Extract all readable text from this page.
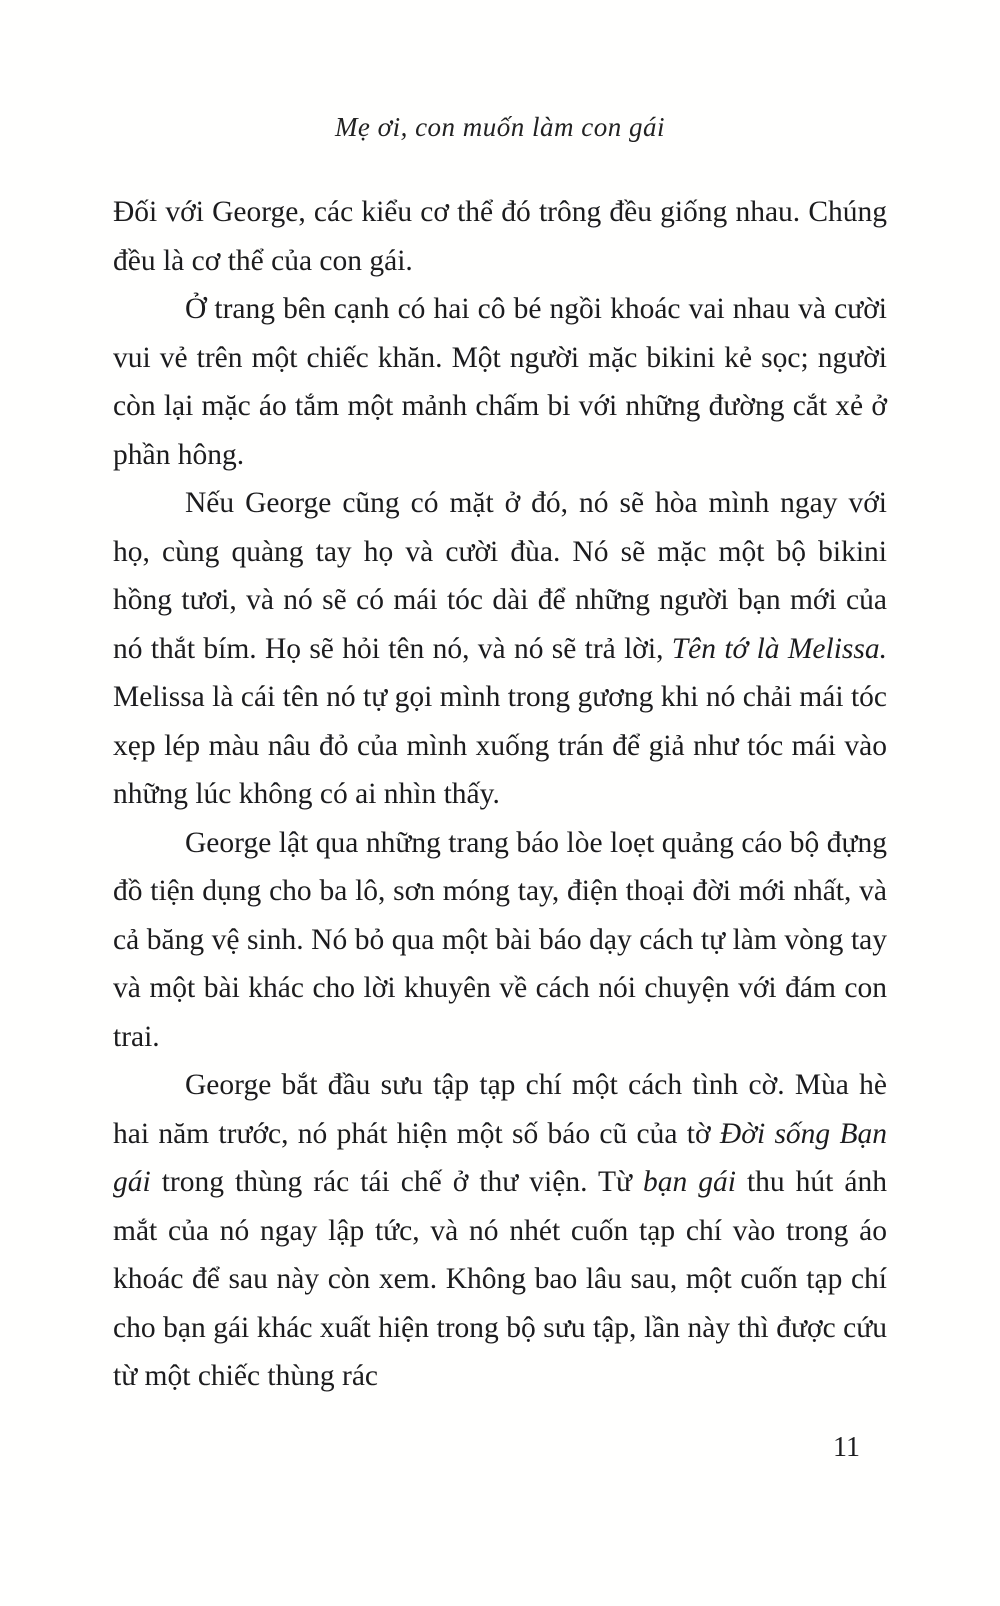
Mẹ ơi, con muốn làm con gái

Đối với George, các kiểu cơ thể đó trông đều giống nhau. Chúng đều là cơ thể của con gái.

Ở trang bên cạnh có hai cô bé ngồi khoác vai nhau và cười vui vẻ trên một chiếc khăn. Một người mặc bikini kẻ sọc; người còn lại mặc áo tắm một mảnh chấm bi với những đường cắt xẻ ở phần hông.

Nếu George cũng có mặt ở đó, nó sẽ hòa mình ngay với họ, cùng quàng tay họ và cười đùa. Nó sẽ mặc một bộ bikini hồng tươi, và nó sẽ có mái tóc dài để những người bạn mới của nó thắt bím. Họ sẽ hỏi tên nó, và nó sẽ trả lời, Tên tớ là Melissa. Melissa là cái tên nó tự gọi mình trong gương khi nó chải mái tóc xẹp lép màu nâu đỏ của mình xuống trán để giả như tóc mái vào những lúc không có ai nhìn thấy.

George lật qua những trang báo lòe loẹt quảng cáo bộ đựng đồ tiện dụng cho ba lô, sơn móng tay, điện thoại đời mới nhất, và cả băng vệ sinh. Nó bỏ qua một bài báo dạy cách tự làm vòng tay và một bài khác cho lời khuyên về cách nói chuyện với đám con trai.

George bắt đầu sưu tập tạp chí một cách tình cờ. Mùa hè hai năm trước, nó phát hiện một số báo cũ của tờ Đời sống Bạn gái trong thùng rác tái chế ở thư viện. Từ bạn gái thu hút ánh mắt của nó ngay lập tức, và nó nhét cuốn tạp chí vào trong áo khoác để sau này còn xem. Không bao lâu sau, một cuốn tạp chí cho bạn gái khác xuất hiện trong bộ sưu tập, lần này thì được cứu từ một chiếc thùng rác

11
